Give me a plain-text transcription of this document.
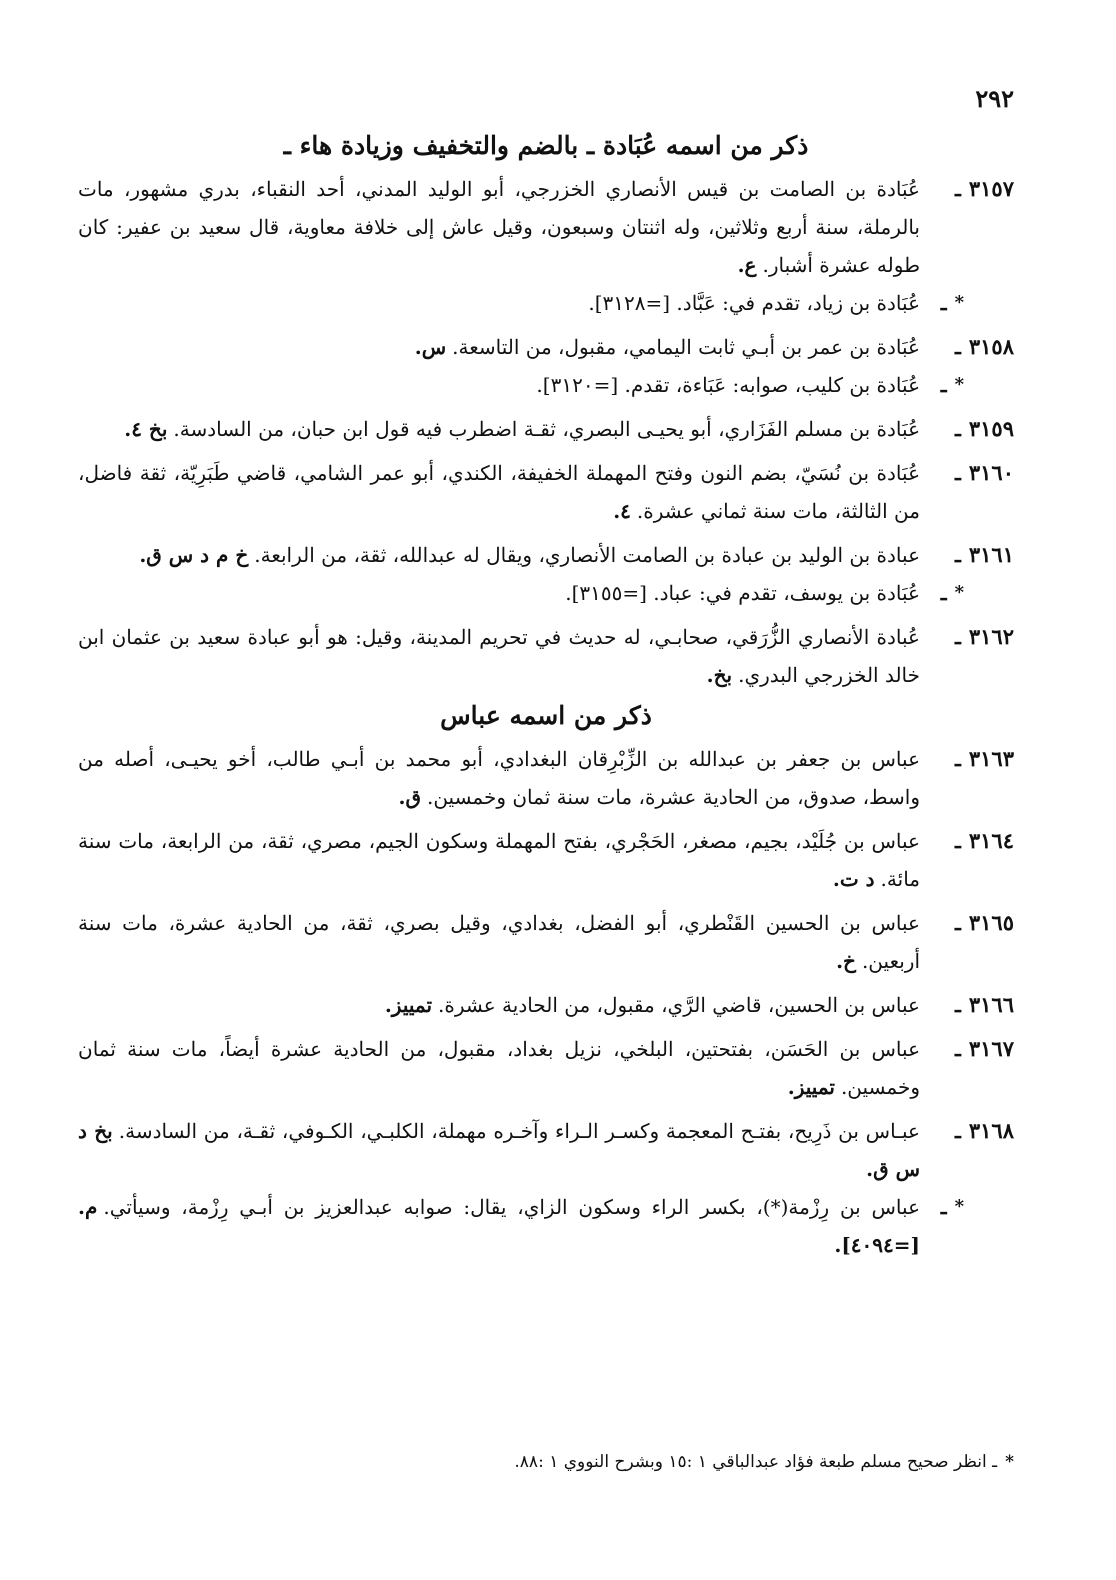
٢٩٢
ذكر من اسمه عُبَادة ـ بالضم والتخفيف وزيادة هاء ـ
٣١٥٧
ـ
عُبَادة بن الصامت بن قيس الأنصاري الخزرجي، أبو الوليد المدني، أحد النقباء، بدري مشهور، مات بالرملة، سنة أربع وثلاثين، وله اثنتان وسبعون، وقيل عاش إلى خلافة معاوية، قال سعيد بن عفير: كان طوله عشرة أشبار.ع.
*
ـ
عُبَادة بن زياد، تقدم في: عَبَّاد. [=٣١٢٨].
٣١٥٨
ـ
عُبَادة بن عمر بن أبـي ثابت اليمامي، مقبول، من التاسعة.س.
*
ـ
عُبَادة بن كليب، صوابه: عَبَاءة، تقدم. [=٣١٢٠].
٣١٥٩
ـ
عُبَادة بن مسلم الفَزَاري، أبو يحيـى البصري، ثقـة اضطرب فيه قول ابن حبان، من السادسة.بخ ٤.
٣١٦٠
ـ
عُبَادة بن نُسَيّ، بضم النون وفتح المهملة الخفيفة، الكندي، أبو عمر الشامي، قاضي طَبَرِيّة، ثقة فاضل، من الثالثة، مات سنة ثماني عشرة.٤.
٣١٦١
ـ
عبادة بن الوليد بن عبادة بن الصامت الأنصاري، ويقال له عبدالله، ثقة، من الرابعة.خ م د س ق.
*
ـ
عُبَادة بن يوسف، تقدم في: عباد. [=٣١٥٥].
٣١٦٢
ـ
عُبادة الأنصاري الزُّرَقي، صحابـي، له حديث في تحريم المدينة، وقيل: هو أبو عبادة سعيد بن عثمان ابن خالد الخزرجي البدري.بخ.
ذكر من اسمه عباس
٣١٦٣
ـ
عباس بن جعفر بن عبدالله بن الزِّبْرِقان البغدادي، أبو محمد بن أبـي طالب، أخو يحيـى، أصله من واسط، صدوق، من الحادية عشرة، مات سنة ثمان وخمسين.ق.
٣١٦٤
ـ
عباس بن جُلَيْد، بجيم، مصغر، الحَجْري، بفتح المهملة وسكون الجيم، مصري، ثقة، من الرابعة، مات سنة مائة.د ت.
٣١٦٥
ـ
عباس بن الحسين القَنْطري، أبو الفضل، بغدادي، وقيل بصري، ثقة، من الحادية عشرة، مات سنة أربعين.خ.
٣١٦٦
ـ
عباس بن الحسين، قاضي الرَّي، مقبول، من الحادية عشرة.تمييز.
٣١٦٧
ـ
عباس بن الحَسَن، بفتحتين، البلخي، نزيل بغداد، مقبول، من الحادية عشرة أيضاً، مات سنة ثمان وخمسين.تمييز.
٣١٦٨
ـ
عبـاس بن ذَرِيح، بفتـح المعجمة وكسـر الـراء وآخـره مهملة، الكلبـي، الكـوفي، ثقـة، من السادسة.بخ د س ق.
*
ـ
عباس بن رِزْمة(*)، بكسر الراء وسكون الزاي، يقال: صوابه عبدالعزيز بن أبـي رِزْمة، وسيأتي.م. [=٤٠٩٤].
*
ـ انظر صحيح مسلم طبعة فؤاد عبدالباقي ١ :١٥ وبشرح النووي ١ :٨٨.
